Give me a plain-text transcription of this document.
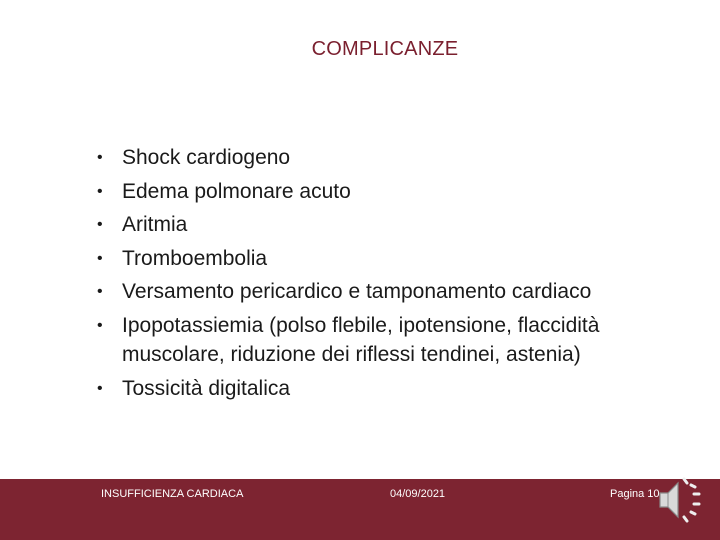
COMPLICANZE
• Shock cardiogeno
• Edema polmonare acuto
• Aritmia
• Tromboembolia
• Versamento pericardico e tamponamento cardiaco
• Ipopotassiemia (polso flebile, ipotensione, flaccidità muscolare, riduzione dei riflessi tendinei, astenia)
• Tossicità digitalica
INSUFFICIENZA CARDIACA	04/09/2021	Pagina 10
